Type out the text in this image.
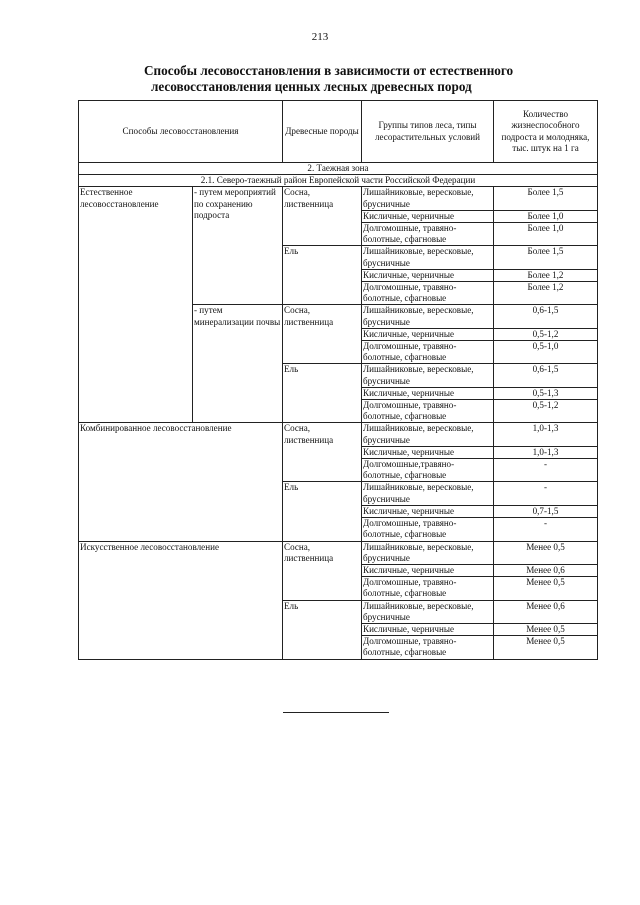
213
Способы лесовосстановления в зависимости от естественного
лесовосстановления ценных лесных древесных пород
Способы лесовосстановления		Древесные породы	Группы типов леса, типы лесорастительных условий	Количество жизнеспособного подроста и молодняка, тыс. штук на 1 га
2. Таежная зона				
2.1. Северо-таежный район Европейской части Российской Федерации				
Естественное лесовосстановление	- путем мероприятий по сохранению подроста	Сосна, лиственница	Лишайниковые, вересковые, брусничные	Более 1,5
			Кисличные, черничные	Более 1,0
			Долгомошные, травяно-болотные, сфагновые	Более 1,0
		Ель	Лишайниковые, вересковые, брусничные	Более 1,5
			Кисличные, черничные	Более 1,2
			Долгомошные, травяно-болотные, сфагновые	Более 1,2
	- путем минерализации почвы	Сосна, лиственница	Лишайниковые, вересковые, брусничные	0,6-1,5
			Кисличные, черничные	0,5-1,2
			Долгомошные, травяно-болотные, сфагновые	0,5-1,0
		Ель	Лишайниковые, вересковые, брусничные	0,6-1,5
			Кисличные, черничные	0,5-1,3
			Долгомошные, травяно-болотные, сфагновые	0,5-1,2
Комбинированное лесовосстановление		Сосна, лиственница	Лишайниковые, вересковые, брусничные	1,0-1,3
			Кисличные, черничные	1,0-1,3
			Долгомошные,травяно-болотные, сфагновые	-
		Ель	Лишайниковые, вересковые, брусничные	-
			Кисличные, черничные	0,7-1,5
			Долгомошные, травяно-болотные, сфагновые	-
Искусственное лесовосстановление		Сосна, лиственница	Лишайниковые, вересковые, брусничные	Менее 0,5
			Кисличные, черничные	Менее 0,6
			Долгомошные, травяно-болотные, сфагновые	Менее 0,5
		Ель	Лишайниковые, вересковые, брусничные	Менее 0,6
			Кисличные, черничные	Менее 0,5
			Долгомошные, травяно-болотные, сфагновые	Менее 0,5
